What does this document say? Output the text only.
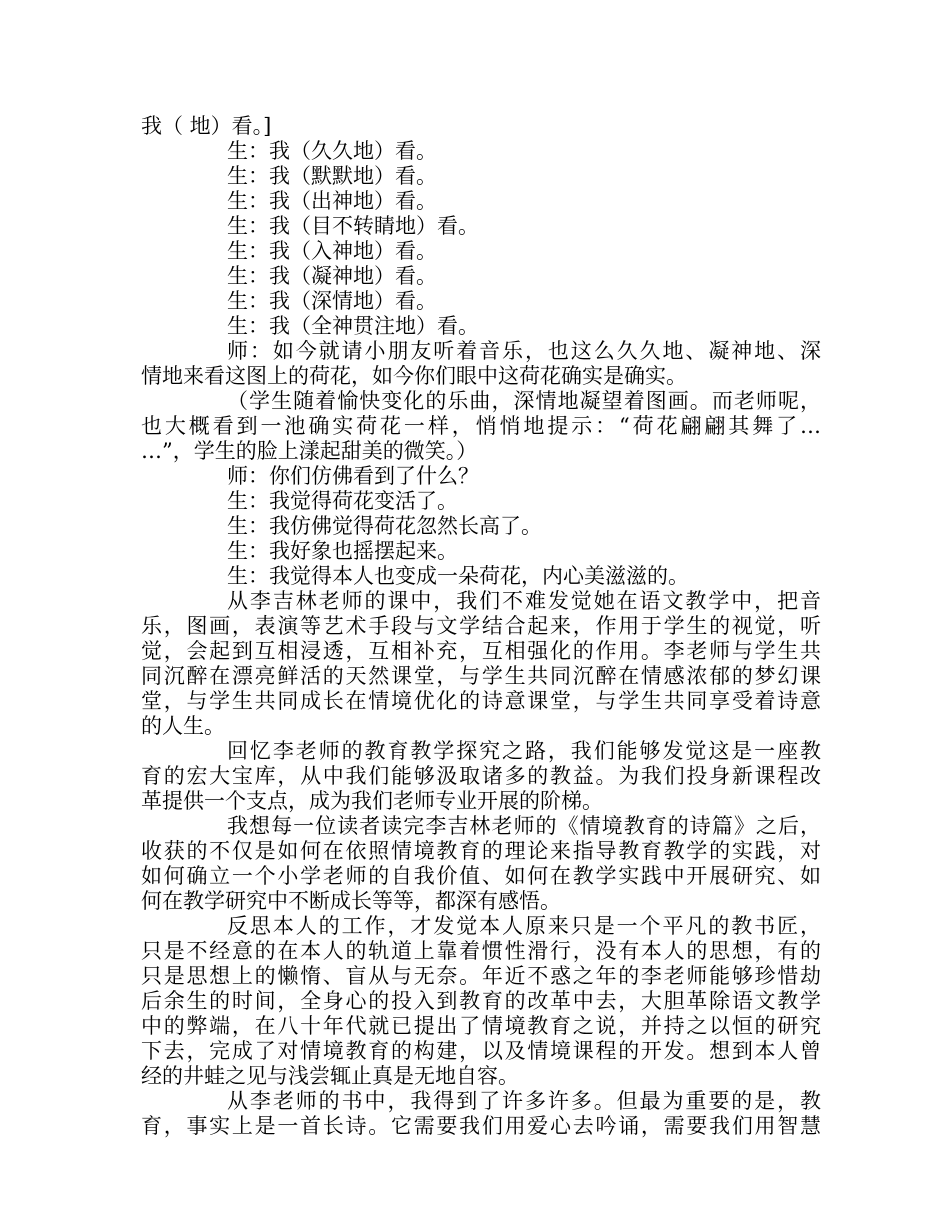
我（ 地）看。]
生：我（久久地）看。
生：我（默默地）看。
生：我（出神地）看。
生：我（目不转睛地）看。
生：我（入神地）看。
生：我（凝神地）看。
生：我（深情地）看。
生：我（全神贯注地）看。
师：如今就请小朋友听着音乐，也这么久久地、凝神地、深
情地来看这图上的荷花，如今你们眼中这荷花确实是确实。
（学生随着愉快变化的乐曲，深情地凝望着图画。而老师呢，
也大概看到一池确实荷花一样，悄悄地提示：“荷花翩翩其舞了…
…”，学生的脸上漾起甜美的微笑。）
师：你们仿佛看到了什么？
生：我觉得荷花变活了。
生：我仿佛觉得荷花忽然长高了。
生：我好象也摇摆起来。
生：我觉得本人也变成一朵荷花，内心美滋滋的。
从李吉林老师的课中，我们不难发觉她在语文教学中，把音
乐，图画，表演等艺术手段与文学结合起来，作用于学生的视觉，听
觉，会起到互相浸透，互相补充，互相强化的作用。李老师与学生共
同沉醉在漂亮鲜活的天然课堂，与学生共同沉醉在情感浓郁的梦幻课
堂，与学生共同成长在情境优化的诗意课堂，与学生共同享受着诗意
的人生。
回忆李老师的教育教学探究之路，我们能够发觉这是一座教
育的宏大宝库，从中我们能够汲取诸多的教益。为我们投身新课程改
革提供一个支点，成为我们老师专业开展的阶梯。
我想每一位读者读完李吉林老师的《情境教育的诗篇》之后，
收获的不仅是如何在依照情境教育的理论来指导教育教学的实践，对
如何确立一个小学老师的自我价值、如何在教学实践中开展研究、如
何在教学研究中不断成长等等，都深有感悟。
反思本人的工作，才发觉本人原来只是一个平凡的教书匠，
只是不经意的在本人的轨道上靠着惯性滑行，没有本人的思想，有的
只是思想上的懒惰、盲从与无奈。年近不惑之年的李老师能够珍惜劫
后余生的时间，全身心的投入到教育的改革中去，大胆革除语文教学
中的弊端，在八十年代就已提出了情境教育之说，并持之以恒的研究
下去，完成了对情境教育的构建，以及情境课程的开发。想到本人曾
经的井蛙之见与浅尝辄止真是无地自容。
从李老师的书中，我得到了许多许多。但最为重要的是，教
育，事实上是一首长诗。它需要我们用爱心去吟诵，需要我们用智慧
